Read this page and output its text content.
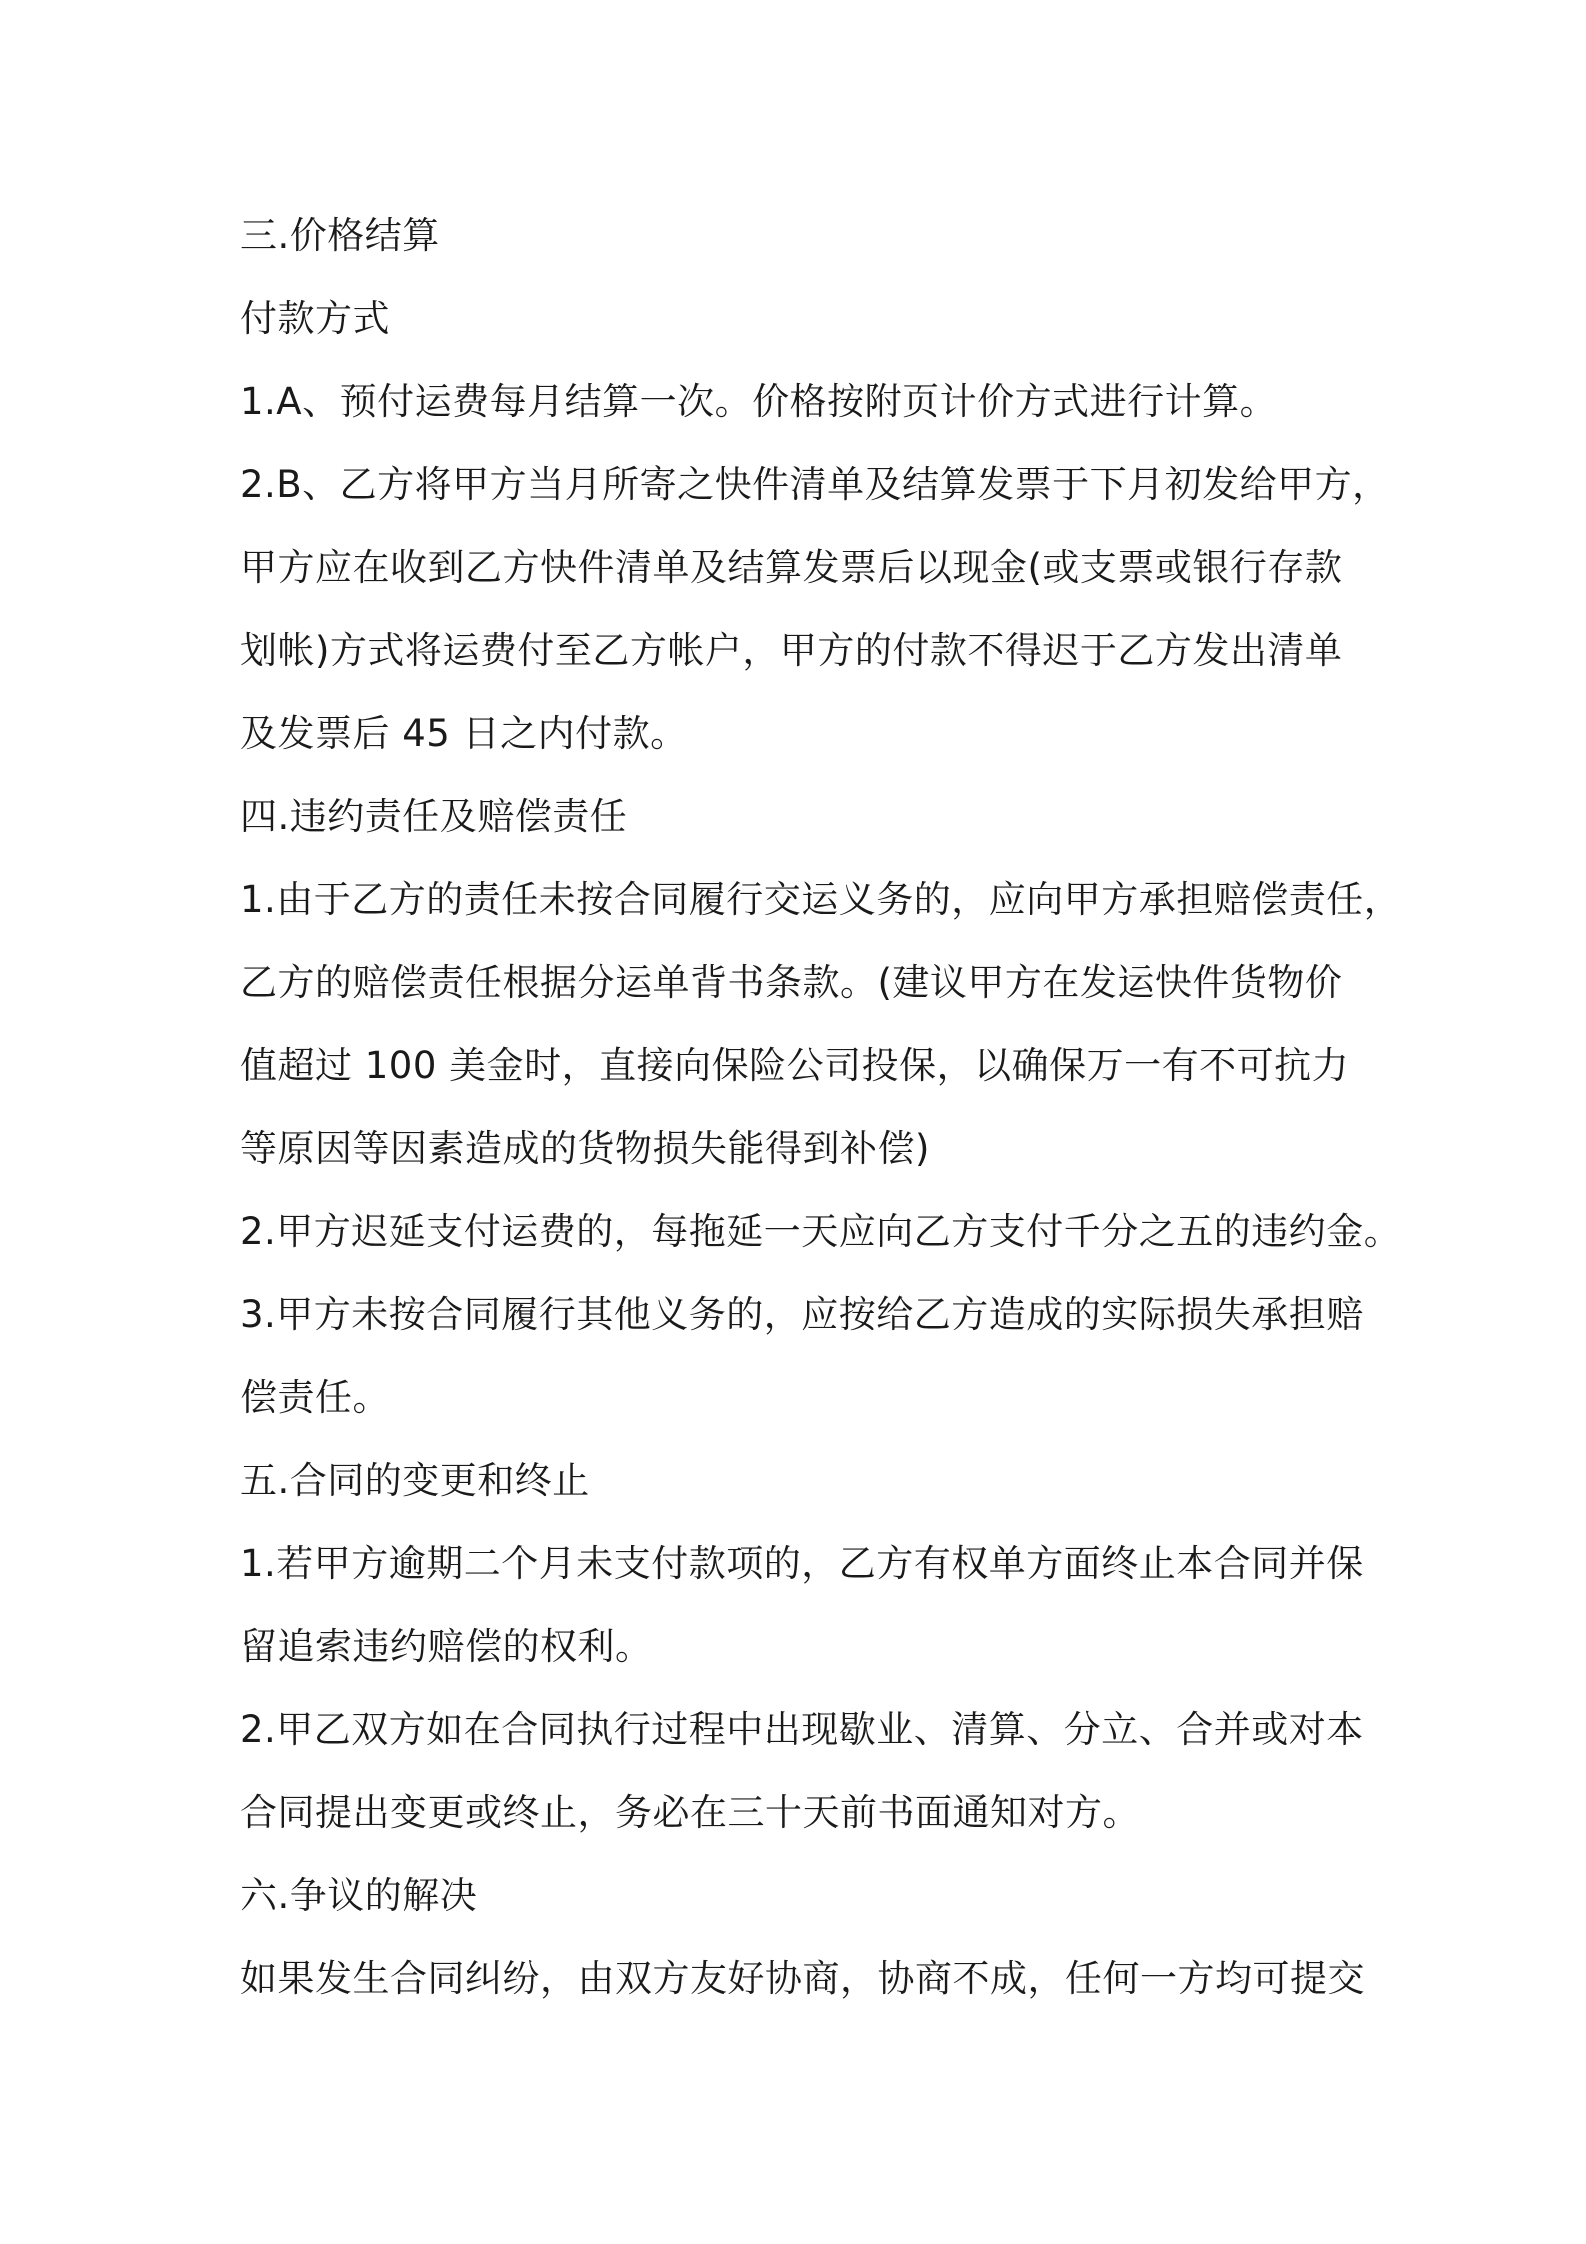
三.价格结算
付款方式
1.A、预付运费每月结算一次。价格按附页计价方式进行计算。
2.B、乙方将甲方当月所寄之快件清单及结算发票于下月初发给甲方，
甲方应在收到乙方快件清单及结算发票后以现金(或支票或银行存款
划帐)方式将运费付至乙方帐户，甲方的付款不得迟于乙方发出清单
及发票后 45 日之内付款。
四.违约责任及赔偿责任
1.由于乙方的责任未按合同履行交运义务的，应向甲方承担赔偿责任，
乙方的赔偿责任根据分运单背书条款。(建议甲方在发运快件货物价
值超过 100 美金时，直接向保险公司投保，以确保万一有不可抗力
等原因等因素造成的货物损失能得到补偿)
2.甲方迟延支付运费的，每拖延一天应向乙方支付千分之五的违约金。
3.甲方未按合同履行其他义务的，应按给乙方造成的实际损失承担赔
偿责任。
五.合同的变更和终止
1.若甲方逾期二个月未支付款项的，乙方有权单方面终止本合同并保
留追索违约赔偿的权利。
2.甲乙双方如在合同执行过程中出现歇业、清算、分立、合并或对本
合同提出变更或终止，务必在三十天前书面通知对方。
六.争议的解决
如果发生合同纠纷，由双方友好协商，协商不成，任何一方均可提交
